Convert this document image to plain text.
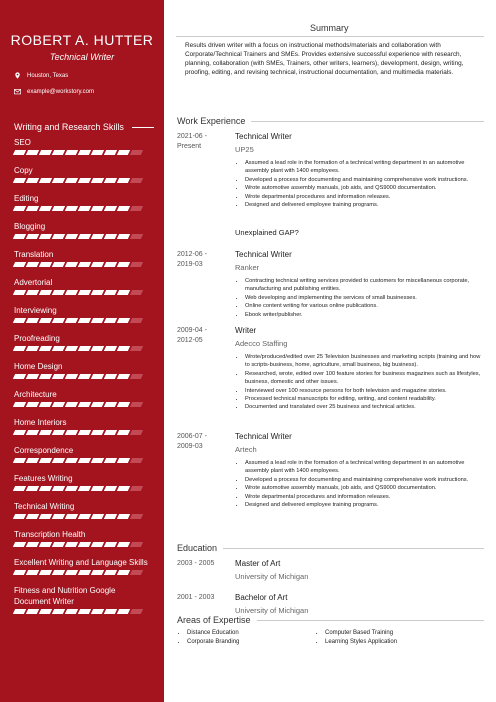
ROBERT A. HUTTER
Technical Writer
Houston, Texas
example@workstory.com
Writing and Research Skills
SEO
Copy
Editing
Blogging
Translation
Advertorial
Interviewing
Proofreading
Home Design
Architecture
Home Interiors
Correspondence
Features Writing
Technical Writing
Transcription Health
Excellent Writing and Language Skills
Fitness and Nutrition Google Document Writer
Summary
Results driven writer with a focus on instructional methods/materials and collaboration with Corporate/Technical Trainers and SMEs. Provides extensive successful experience with research, planning, collaboration (with SMEs, Trainers, other writers, learners), development, design, writing, proofing, editing, and revising technical, instructional documentation, and multimedia materials.
Work Experience
2021-06 -
Present
Technical Writer
UP25
• Assumed a lead role in the formation of a technical writing department in an automotive assembly plant with 1400 employees.
• Developed a process for documenting and maintaining comprehensive work instructions.
• Wrote automotive assembly manuals, job aids, and QS9000 documentation.
• Wrote departmental procedures and information releases.
• Designed and delivered employee training programs.
Unexplained GAP?
2012-06 -
2019-03
Technical Writer
Ranker
• Contracting technical writing services provided to customers for miscellaneous corporate, manufacturing and publishing entities.
• Web developing and implementing the services of small businesses.
• Online content writing for various online publications.
• Ebook writer/publisher.
2009-04 -
2012-05
Writer
Adecco Staffing
• Wrote/produced/edited over 25 Television businesses and marketing scripts (training and how to scripts-business, home, agriculture, small business, big business).
• Researched, wrote, edited over 100 feature stories for business magazines such as lifestyles, business, domestic and other issues.
• Interviewed over 100 resource persons for both television and magazine stories.
• Processed technical manuscripts for editing, writing, and content readability.
• Documented and translated over 25 business and technical articles.
2006-07 -
2009-03
Technical Writer
Artech
• Assumed a lead role in the formation of a technical writing department in an automotive assembly plant with 1400 employees.
• Developed a process for documenting and maintaining comprehensive work instructions.
• Wrote automotive assembly manuals, job aids, and QS9000 documentation.
• Wrote departmental procedures and information releases.
• Designed and delivered employee training programs.
Education
2003 - 2005	Master of Art
University of Michigan
2001 - 2003	Bachelor of Art
University of Michigan
Areas of Expertise
• Distance Education
• Corporate Branding
• Computer Based Training
• Learning Styles Application
